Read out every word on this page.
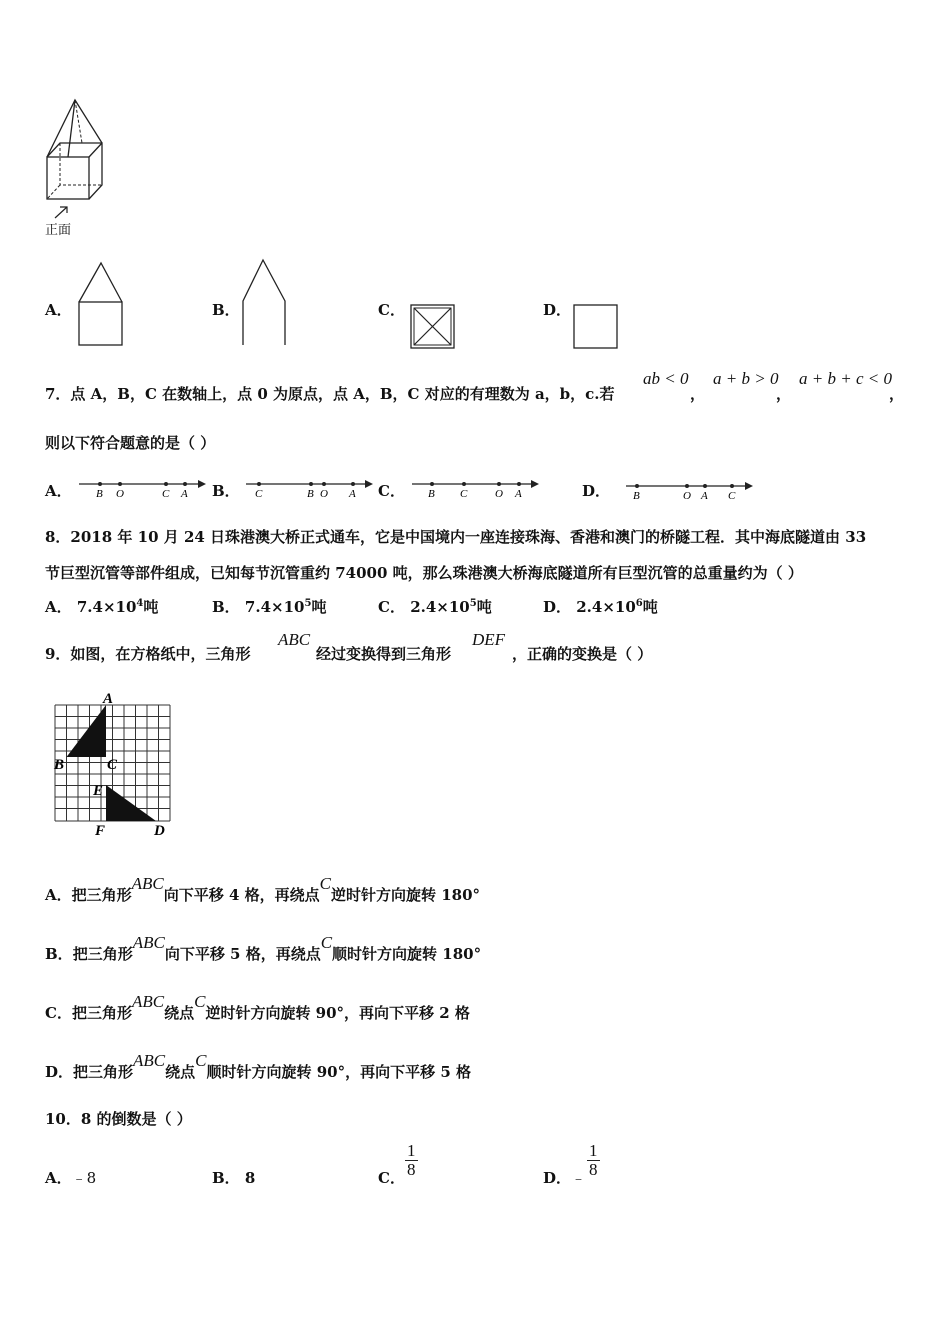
正面
A．	B．	C．	D．
7．点 A，B，C 在数轴上，点 0 为原点，点 A，B，C 对应的有理数为 a，b，c.若
ab < 0
，
a + b > 0
，
a + b + c < 0
，
则以下符合题意的是（ ）
A． B O	C A B． C	B O A C． B C	O A	D． B	O A C
8．2018 年 10 月 24 日珠港澳大桥正式通车，它是中国境内一座连接珠海、香港和澳门的桥隧工程．其中海底隧道由 33
节巨型沉管等部件组成，已知每节沉管重约 74000 吨，那么珠港澳大桥海底隧道所有巨型沉管的总重量约为（ ）
A． $7.4\times 10^4$吨	B． $7.4\times 10^5$吨	C． $2.4\times 10^5$吨	D． $2.4\times 10^6$吨
9．如图，在方格纸中，三角形
ABC
经过变换得到三角形
DEF
，正确的变换是（ ）
A
B	C
E
F	D
A．把三角形ABC向下平移 4 格，再绕点C逆时针方向旋转 180°
B．把三角形ABC向下平移 5 格，再绕点C顺时针方向旋转 180°
C．把三角形ABC绕点C逆时针方向旋转 90°，再向下平移 2 格
D．把三角形ABC绕点C顺时针方向旋转 90°，再向下平移 5 格
10．8 的倒数是（ ）
A．﹣8	B． 8	C． $\frac{1}{8}$	D．﹣ $\frac{1}{8}$
